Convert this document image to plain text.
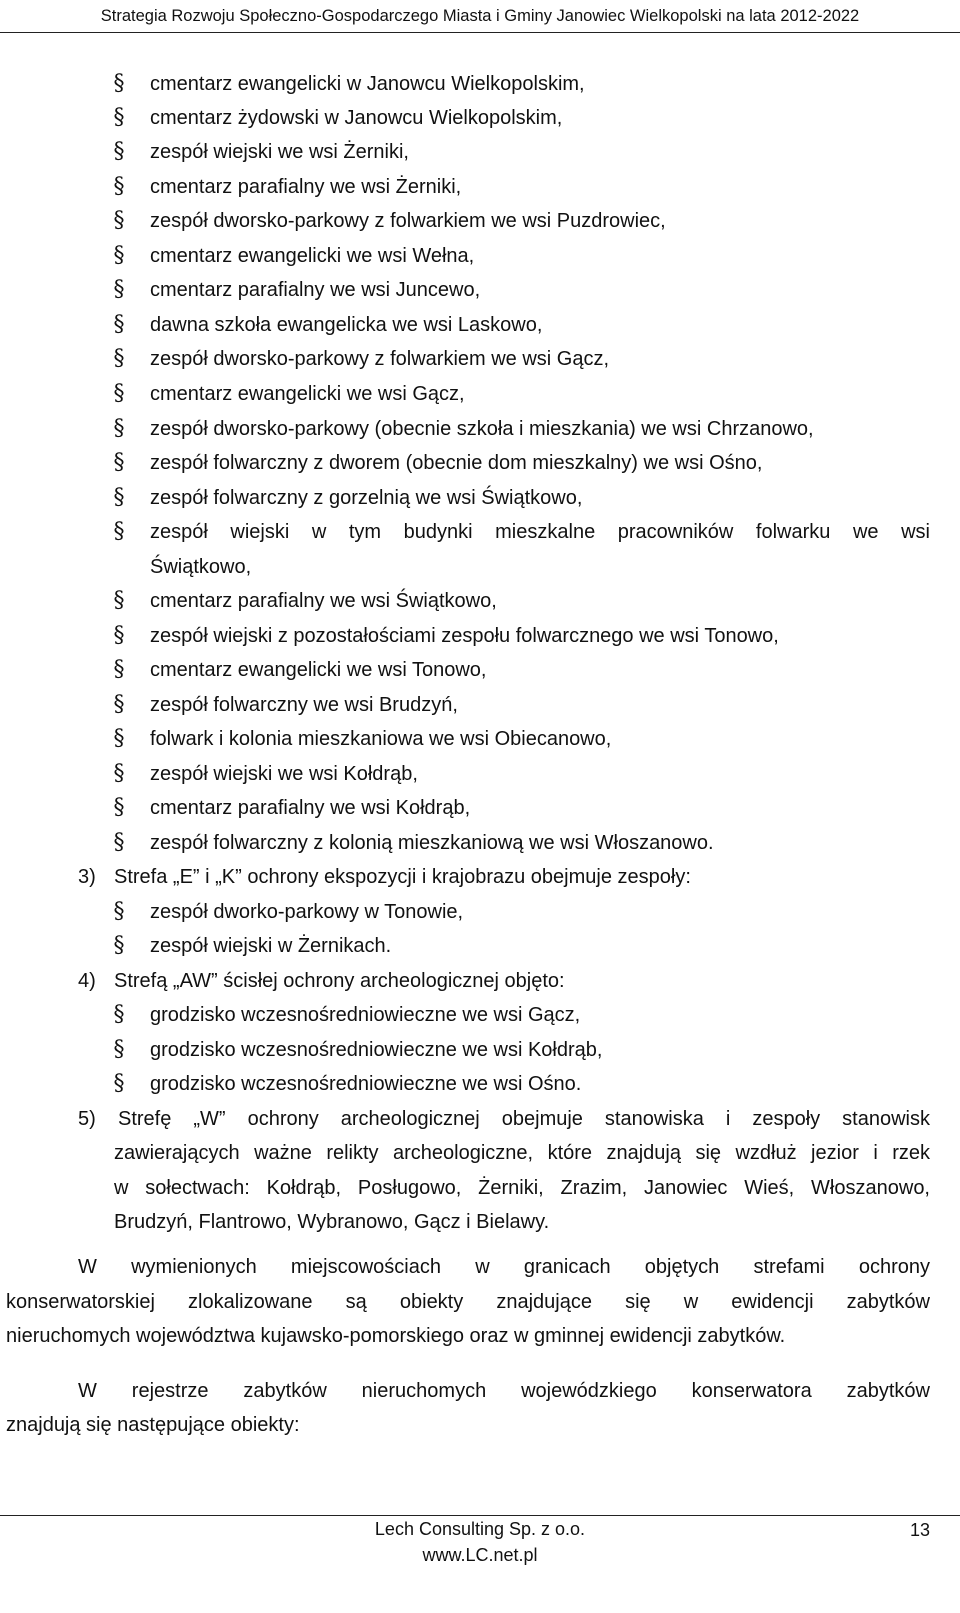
Strategia Rozwoju Społeczno-Gospodarczego Miasta i Gminy Janowiec Wielkopolski na lata 2012-2022
§ cmentarz ewangelicki w Janowcu Wielkopolskim,
§ cmentarz żydowski w Janowcu Wielkopolskim,
§ zespół wiejski we wsi Żerniki,
§ cmentarz parafialny we wsi Żerniki,
§ zespół dworsko-parkowy z folwarkiem we wsi Puzdrowiec,
§ cmentarz ewangelicki we wsi Wełna,
§ cmentarz parafialny we wsi Juncewo,
§ dawna szkoła ewangelicka we wsi Laskowo,
§ zespół dworsko-parkowy z folwarkiem we wsi Gącz,
§ cmentarz ewangelicki we wsi Gącz,
§ zespół dworsko-parkowy (obecnie szkoła i mieszkania) we wsi Chrzanowo,
§ zespół folwarczny z dworem (obecnie dom mieszkalny) we wsi Ośno,
§ zespół folwarczny z gorzelnią we wsi Świątkowo,
§ zespół wiejski w tym budynki mieszkalne pracowników folwarku we wsi
Świątkowo,
§ cmentarz parafialny we wsi Świątkowo,
§ zespół wiejski z pozostałościami zespołu folwarcznego we wsi Tonowo,
§ cmentarz ewangelicki we wsi Tonowo,
§ zespół folwarczny we wsi Brudzyń,
§ folwark i kolonia mieszkaniowa we wsi Obiecanowo,
§ zespół wiejski we wsi Kołdrąb,
§ cmentarz parafialny we wsi Kołdrąb,
§ zespół folwarczny z kolonią mieszkaniową we wsi Włoszanowo.
3) Strefa „E” i „K” ochrony ekspozycji i krajobrazu obejmuje zespoły:
§ zespół dworko-parkowy w Tonowie,
§ zespół wiejski w Żernikach.
4) Strefą „AW” ścisłej ochrony archeologicznej objęto:
§ grodzisko wczesnośredniowieczne we wsi Gącz,
§ grodzisko wczesnośredniowieczne we wsi Kołdrąb,
§ grodzisko wczesnośredniowieczne we wsi Ośno.
5) Strefę „W” ochrony archeologicznej obejmuje stanowiska i zespoły stanowisk
zawierających ważne relikty archeologiczne, które znajdują się wzdłuż jezior i rzek
w sołectwach: Kołdrąb, Posługowo, Żerniki, Zrazim, Janowiec Wieś, Włoszanowo,
Brudzyń, Flantrowo, Wybranowo, Gącz i Bielawy.
W wymienionych miejscowościach w granicach objętych strefami ochrony
konserwatorskiej zlokalizowane są obiekty znajdujące się w ewidencji zabytków
nieruchomych województwa kujawsko-pomorskiego oraz w gminnej ewidencji zabytków.
W rejestrze zabytków nieruchomych wojewódzkiego konserwatora zabytków
znajdują się następujące obiekty:
Lech Consulting Sp. z o.o.
www.LC.net.pl
13
